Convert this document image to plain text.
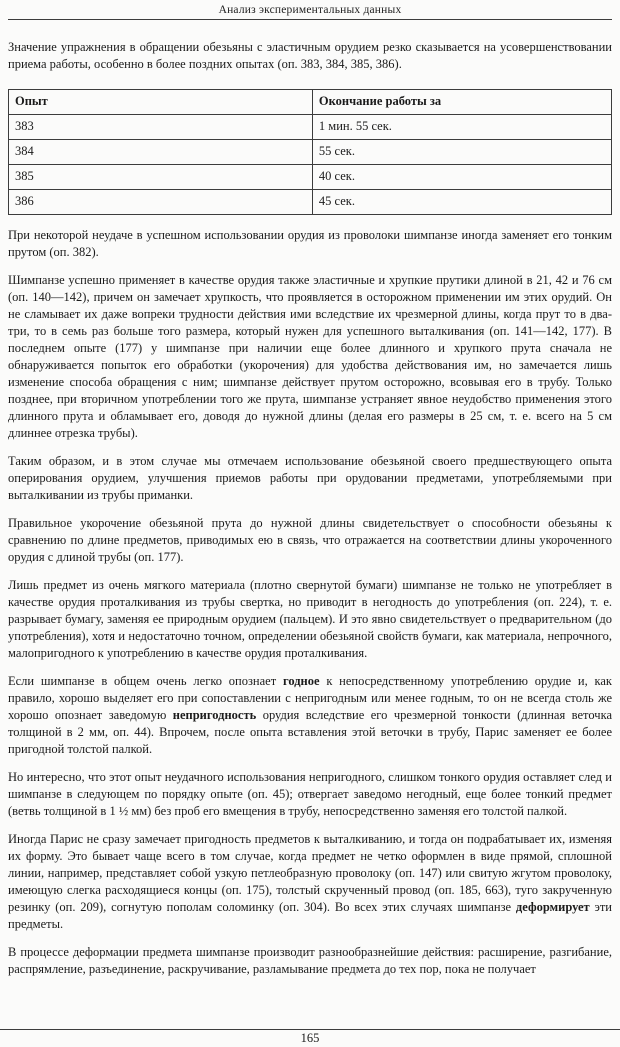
Анализ экспериментальных данных

Значение упражнения в обращении обезьяны с эластичным орудием резко сказывается на усовершенствовании приема работы, особенно в более поздних опытах (оп. 383, 384, 385, 386).

Опыт	Окончание работы за
383	1 мин. 55 сек.
384	55 сек.
385	40 сек.
386	45 сек.

При некоторой неудаче в успешном использовании орудия из проволоки шимпанзе иногда заменяет его тонким прутом (оп. 382).

Шимпанзе успешно применяет в качестве орудия также эластичные и хрупкие прутики длиной в 21, 42 и 76 см (оп. 140—142), причем он замечает хрупкость, что проявляется в осторожном применении им этих орудий. Он не сламывает их даже вопреки трудности действия ими вследствие их чрезмерной длины, когда прут то в два-три, то в семь раз больше того размера, который нужен для успешного выталкивания (оп. 141—142, 177). В последнем опыте (177) у шимпанзе при наличии еще более длинного и хрупкого прута сначала не обнаруживается попыток его обработки (укорочения) для удобства действования им, но замечается лишь изменение способа обращения с ним; шимпанзе действует прутом осторожно, всовывая его в трубу. Только позднее, при вторичном употреблении того же прута, шимпанзе устраняет явное неудобство применения этого длинного прута и обламывает его, доводя до нужной длины (делая его размеры в 25 см, т. е. всего на 5 см длиннее отрезка трубы).

Таким образом, и в этом случае мы отмечаем использование обезьяной своего предшествующего опыта оперирования орудием, улучшения приемов работы при орудовании предметами, употребляемыми при выталкивании из трубы приманки.

Правильное укорочение обезьяной прута до нужной длины свидетельствует о способности обезьяны к сравнению по длине предметов, приводимых ею в связь, что отражается на соответствии длины укороченного орудия с длиной трубы (оп. 177).

Лишь предмет из очень мягкого материала (плотно свернутой бумаги) шимпанзе не только не употребляет в качестве орудия проталкивания из трубы свертка, но приводит в негодность до употребления (оп. 224), т. е. разрывает бумагу, заменяя ее природным орудием (пальцем). И это явно свидетельствует о предварительном (до употребления), хотя и недостаточно точном, определении обезьяной свойств бумаги, как материала, непрочного, малопригодного к употреблению в качестве орудия проталкивания.

Если шимпанзе в общем очень легко опознает годное к непосредственному употреблению орудие и, как правило, хорошо выделяет его при сопоставлении с непригодным или менее годным, то он не всегда столь же хорошо опознает заведомую непригодность орудия вследствие его чрезмерной тонкости (длинная веточка толщиной в 2 мм, оп. 44). Впрочем, после опыта вставления этой веточки в трубу, Парис заменяет ее более пригодной толстой палкой.

Но интересно, что этот опыт неудачного использования непригодного, слишком тонкого орудия оставляет след и шимпанзе в следующем по порядку опыте (оп. 45); отвергает заведомо негодный, еще более тонкий предмет (ветвь толщиной в 1 ½ мм) без проб его вмещения в трубу, непосредственно заменяя его толстой палкой.

Иногда Парис не сразу замечает пригодность предметов к выталкиванию, и тогда он подрабатывает их, изменяя их форму. Это бывает чаще всего в том случае, когда предмет не четко оформлен в виде прямой, сплошной линии, например, представляет собой узкую петлеобразную проволоку (оп. 147) или свитую жгутом проволоку, имеющую слегка расходящиеся концы (оп. 175), толстый скрученный провод (оп. 185, 663), туго закрученную резинку (оп. 209), согнутую пополам соломинку (оп. 304). Во всех этих случаях шимпанзе деформирует эти предметы.

В процессе деформации предмета шимпанзе производит разнообразнейшие действия: расширение, разгибание, распрямление, разъединение, раскручивание, разламывание предмета до тех пор, пока не получает

165
